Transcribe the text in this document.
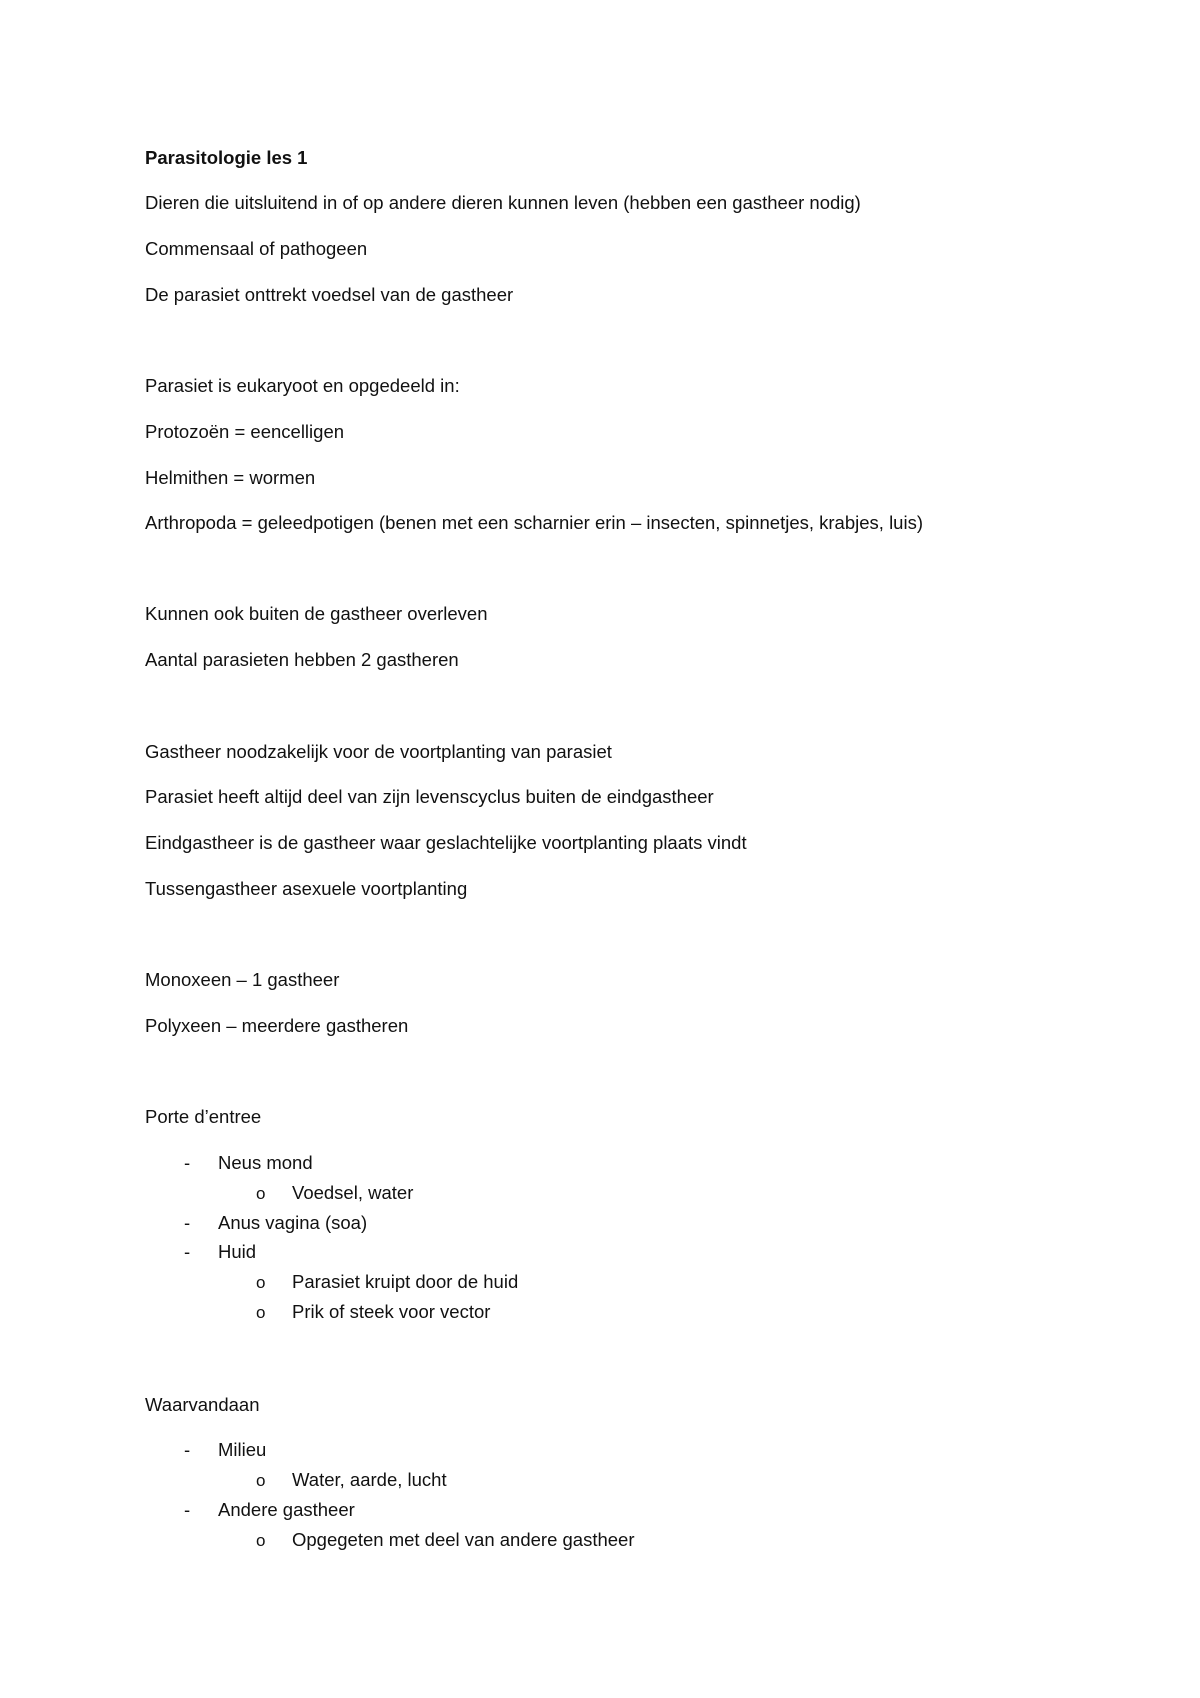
Parasitologie les 1
Dieren die uitsluitend in of op andere dieren kunnen leven (hebben een gastheer nodig)
Commensaal of pathogeen
De parasiet onttrekt voedsel van de gastheer
Parasiet is eukaryoot en opgedeeld in:
Protozoën = eencelligen
Helmithen = wormen
Arthropoda = geleedpotigen (benen met een scharnier erin – insecten, spinnetjes, krabjes, luis)
Kunnen ook buiten de gastheer overleven
Aantal parasieten hebben 2 gastheren
Gastheer noodzakelijk voor de voortplanting van parasiet
Parasiet heeft altijd deel van zijn levenscyclus buiten de eindgastheer
Eindgastheer is de gastheer waar geslachtelijke voortplanting plaats vindt
Tussengastheer asexuele voortplanting
Monoxeen – 1 gastheer
Polyxeen – meerdere gastheren
Porte d’entree
- Neus mond
o Voedsel, water
- Anus vagina (soa)
- Huid
o Parasiet kruipt door de huid
o Prik of steek voor vector
Waarvandaan
- Milieu
o Water, aarde, lucht
- Andere gastheer
o Opgegeten met deel van andere gastheer
